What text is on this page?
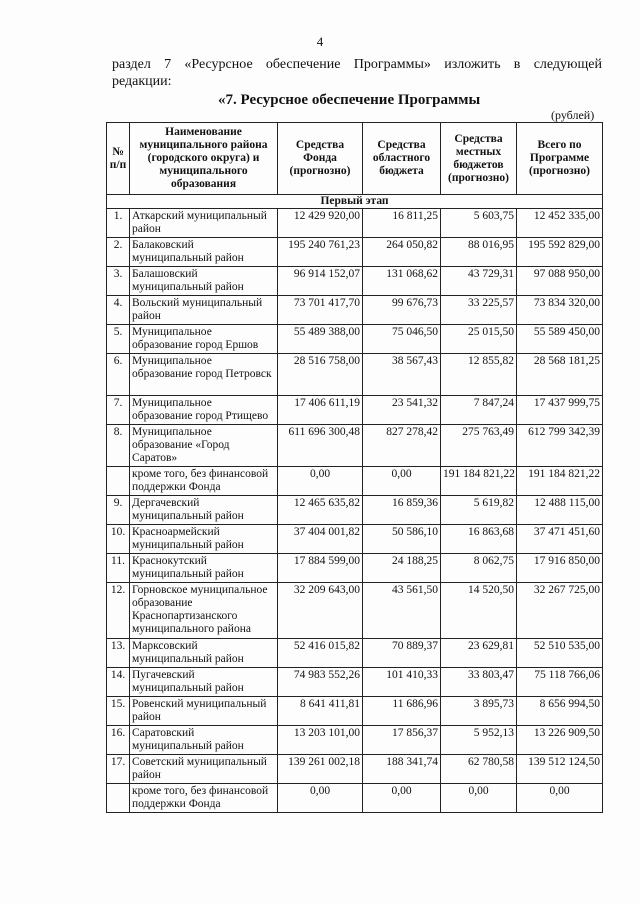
4
раздел 7 «Ресурсное обеспечение Программы» изложить в следующей
редакции:
«7. Ресурсное обеспечение Программы
(рублей)
№ п/п	Наименование муниципального района (городского округа) и муниципального образования	Средства Фонда (прогнозно)	Средства областного бюджета	Средства местных бюджетов (прогнозно)	Всего по Программе (прогнозно)
Первый этап					
1.	Аткарский муниципальный район	12 429 920,00	16 811,25	5 603,75	12 452 335,00
2.	Балаковский муниципальный район	195 240 761,23	264 050,82	88 016,95	195 592 829,00
3.	Балашовский муниципальный район	96 914 152,07	131 068,62	43 729,31	97 088 950,00
4.	Вольский муниципальный район	73 701 417,70	99 676,73	33 225,57	73 834 320,00
5.	Муниципальное образование город Ершов	55 489 388,00	75 046,50	25 015,50	55 589 450,00
6.	Муниципальное образование город Петровск	28 516 758,00	38 567,43	12 855,82	28 568 181,25
7.	Муниципальное образование город Ртищево	17 406 611,19	23 541,32	7 847,24	17 437 999,75
8.	Муниципальное образование «Город Саратов»	611 696 300,48	827 278,42	275 763,49	612 799 342,39
	кроме того, без финансовой поддержки Фонда	0,00	0,00	191 184 821,22	191 184 821,22
9.	Дергачевский муниципальный район	12 465 635,82	16 859,36	5 619,82	12 488 115,00
10.	Красноармейский муниципальный район	37 404 001,82	50 586,10	16 863,68	37 471 451,60
11.	Краснокутский муниципальный район	17 884 599,00	24 188,25	8 062,75	17 916 850,00
12.	Горновское муниципальное образование Краснопартизанского муниципального района	32 209 643,00	43 561,50	14 520,50	32 267 725,00
13.	Марксовский муниципальный район	52 416 015,82	70 889,37	23 629,81	52 510 535,00
14.	Пугачевский муниципальный район	74 983 552,26	101 410,33	33 803,47	75 118 766,06
15.	Ровенский муниципальный район	8 641 411,81	11 686,96	3 895,73	8 656 994,50
16.	Саратовский муниципальный район	13 203 101,00	17 856,37	5 952,13	13 226 909,50
17.	Советский муниципальный район	139 261 002,18	188 341,74	62 780,58	139 512 124,50
	кроме того, без финансовой поддержки Фонда	0,00	0,00	0,00	0,00
